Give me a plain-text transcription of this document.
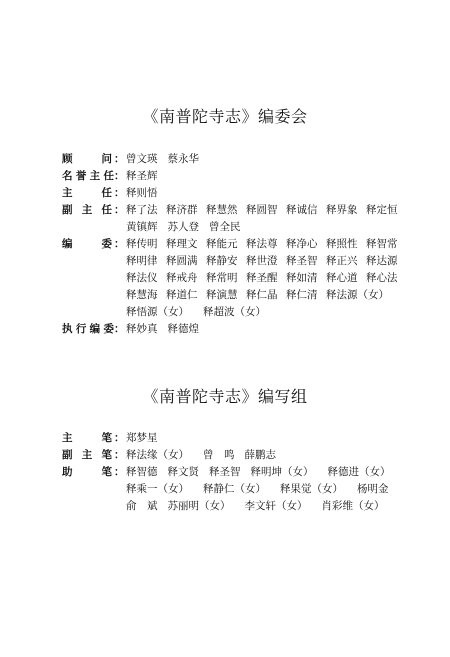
《南普陀寺志》编委会
顾	问 ： 曾文瑛 蔡永华
名 誉 主 任 ： 释圣辉
主	任 ： 释则悟
副 主 任 ： 释了法 释济群 释慧然 释圆智 释诚信 释界象 释定恒
黄镇辉 苏人登 曾全民
编	委 ： 释传明 释理文 释能元 释法尊 释净心 释照性 释智常
释明律 释圆满 释静安 释世澄 释圣智 释正兴 释达源
释法仪 释戒舟 释常明 释圣醒 释如清 释心道 释心法
释慧海 释道仁 释演慧 释仁晶 释仁清 释法源（女）
释悟源（女） 释超波（女）
执 行 编 委 ： 释妙真 释德煌
《南普陀寺志》编写组
主	笔 ： 郑梦星
副 主 笔 ： 释法缘（女） 曾　鸣 薛鹏志
助	笔 ： 释智德 释文贤 释圣智 释明坤（女） 释德进（女）
释乘一（女） 释静仁（女） 释果觉（女） 杨明金
俞　斌 苏丽明（女） 李文轩（女） 肖彩维（女）
